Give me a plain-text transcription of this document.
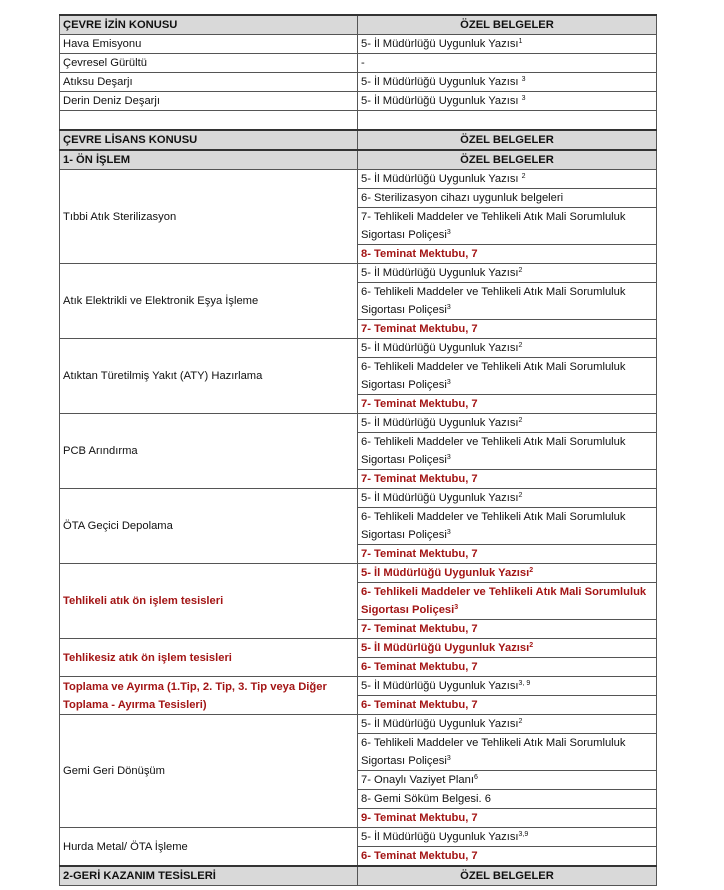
ÇEVRE İZİN KONUSU	ÖZEL BELGELER
Hava Emisyonu	5- İl Müdürlüğü Uygunluk Yazısı$^1$
Çevresel Gürültü	-
Atıksu Deşarjı	5- İl Müdürlüğü Uygunluk Yazısı $^3$
Derin Deniz Deşarjı	5- İl Müdürlüğü Uygunluk Yazısı $^3$

ÇEVRE LİSANS KONUSU	ÖZEL BELGELER
1- ÖN İŞLEM	ÖZEL BELGELER
Tıbbi Atık Sterilizasyon	5- İl Müdürlüğü Uygunluk Yazısı $^2$
	6- Sterilizasyon cihazı uygunluk belgeleri
	7- Tehlikeli Maddeler ve Tehlikeli Atık Mali Sorumluluk Sigortası Poliçesi$^3$

	8- Teminat Mektubu, 7
Atık Elektrikli ve Elektronik Eşya İşleme	5- İl Müdürlüğü Uygunluk Yazısı$^2$
	6- Tehlikeli Maddeler ve Tehlikeli Atık Mali Sorumluluk Sigortası Poliçesi$^3$

	7- Teminat Mektubu, 7
Atıktan Türetilmiş Yakıt (ATY) Hazırlama	5- İl Müdürlüğü Uygunluk Yazısı$^2$
	6- Tehlikeli Maddeler ve Tehlikeli Atık Mali Sorumluluk Sigortası Poliçesi$^3$

	7- Teminat Mektubu, 7
PCB Arındırma	5- İl Müdürlüğü Uygunluk Yazısı$^2$
	6- Tehlikeli Maddeler ve Tehlikeli Atık Mali Sorumluluk Sigortası Poliçesi$^3$

	7- Teminat Mektubu, 7
ÖTA Geçici Depolama	5- İl Müdürlüğü Uygunluk Yazısı$^2$
	6- Tehlikeli Maddeler ve Tehlikeli Atık Mali Sorumluluk Sigortası Poliçesi$^3$

	7- Teminat Mektubu, 7
Tehlikeli atık ön işlem tesisleri	5- İl Müdürlüğü Uygunluk Yazısı$^2$
	6- Tehlikeli Maddeler ve Tehlikeli Atık Mali Sorumluluk Sigortası Poliçesi$^3$

	7- Teminat Mektubu, 7
Tehlikesiz atık ön işlem tesisleri	5- İl Müdürlüğü Uygunluk Yazısı$^2$
	6- Teminat Mektubu, 7
Toplama ve Ayırma (1.Tip, 2. Tip, 3. Tip veya Diğer Toplama - Ayırma Tesisleri)	5- İl Müdürlüğü Uygunluk Yazısı$^{3, 9}$
	6- Teminat Mektubu, 7
Gemi Geri Dönüşüm	5- İl Müdürlüğü Uygunluk Yazısı$^2$
	6- Tehlikeli Maddeler ve Tehlikeli Atık Mali Sorumluluk Sigortası Poliçesi$^3$

	7- Onaylı Vaziyet Planı$^6$
	8- Gemi Söküm Belgesi. 6
	9- Teminat Mektubu, 7
Hurda Metal/ ÖTA İşleme	5- İl Müdürlüğü Uygunluk Yazısı$^{3,9}$
	6- Teminat Mektubu, 7
2-GERİ KAZANIM TESİSLERİ	ÖZEL BELGELER
